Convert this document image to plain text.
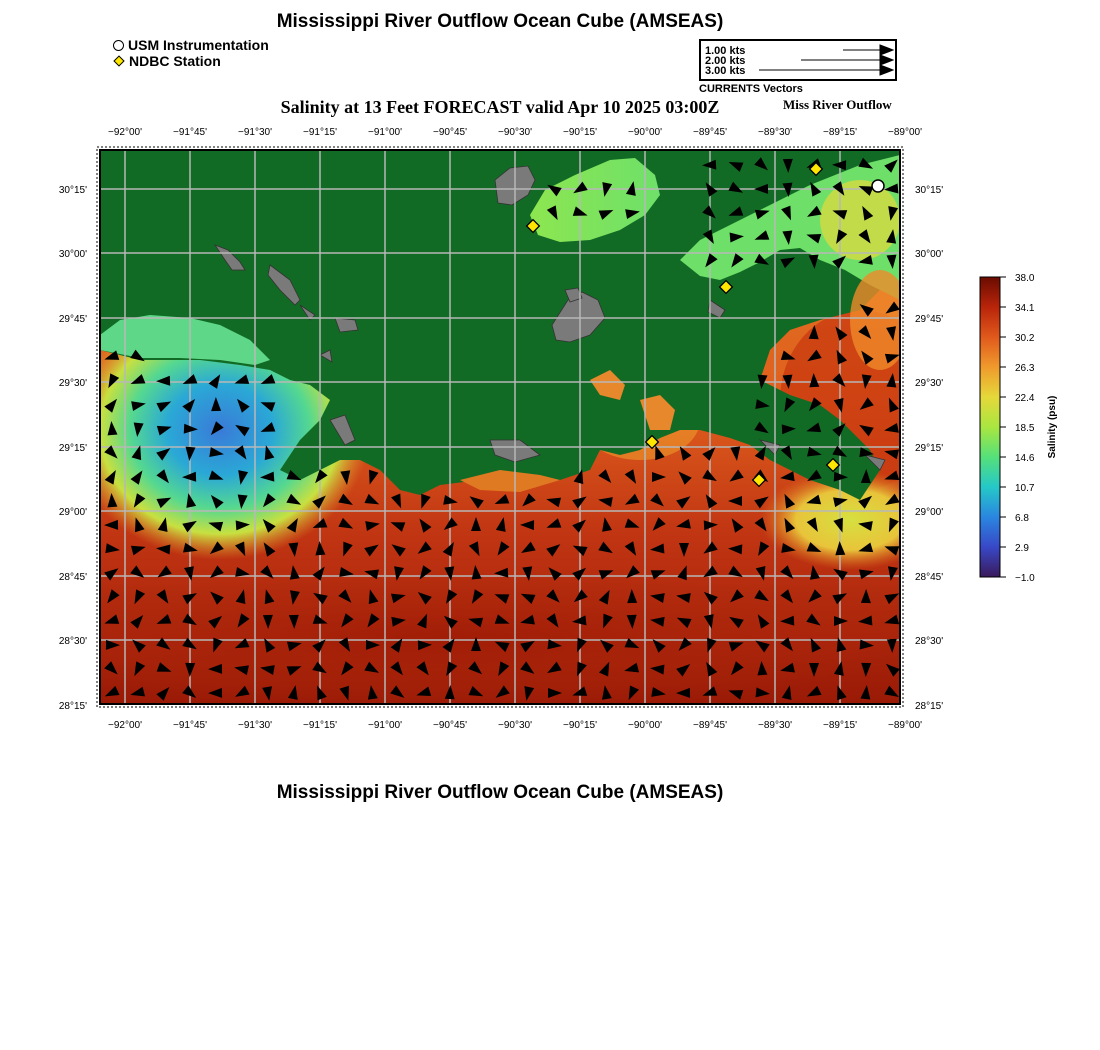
Mississippi River Outflow Ocean Cube (AMSEAS)
USM Instrumentation
NDBC Station
1.00 kts
2.00 kts
3.00 kts
CURRENTS Vectors
Salinity at 13 Feet FORECAST valid Apr 10 2025 03:00Z	Miss River Outflow
−92°00'	−91°45'	−91°30'	−91°15'	−91°00'	−90°45'	−90°30'	−90°15'	−90°00'	−89°45'	−89°30'	−89°15'	−89°00'
−92°00'	−91°45'	−91°30'	−91°15'	−91°00'	−90°45'	−90°30'	−90°15'	−90°00'	−89°45'	−89°30'	−89°15'	−89°00'
30°15'
30°00'
29°45'
29°30'
29°15'
29°00'
28°45'
28°30'
28°15'
30°15'
30°00'
29°45'
29°30'
29°15'
29°00'
28°45'
28°30'
28°15'
38.0
34.1
30.2
26.3
22.4
18.5
14.6
10.7
6.8
2.9
−1.0
Salinity (psu)
Mississippi River Outflow Ocean Cube (AMSEAS)
